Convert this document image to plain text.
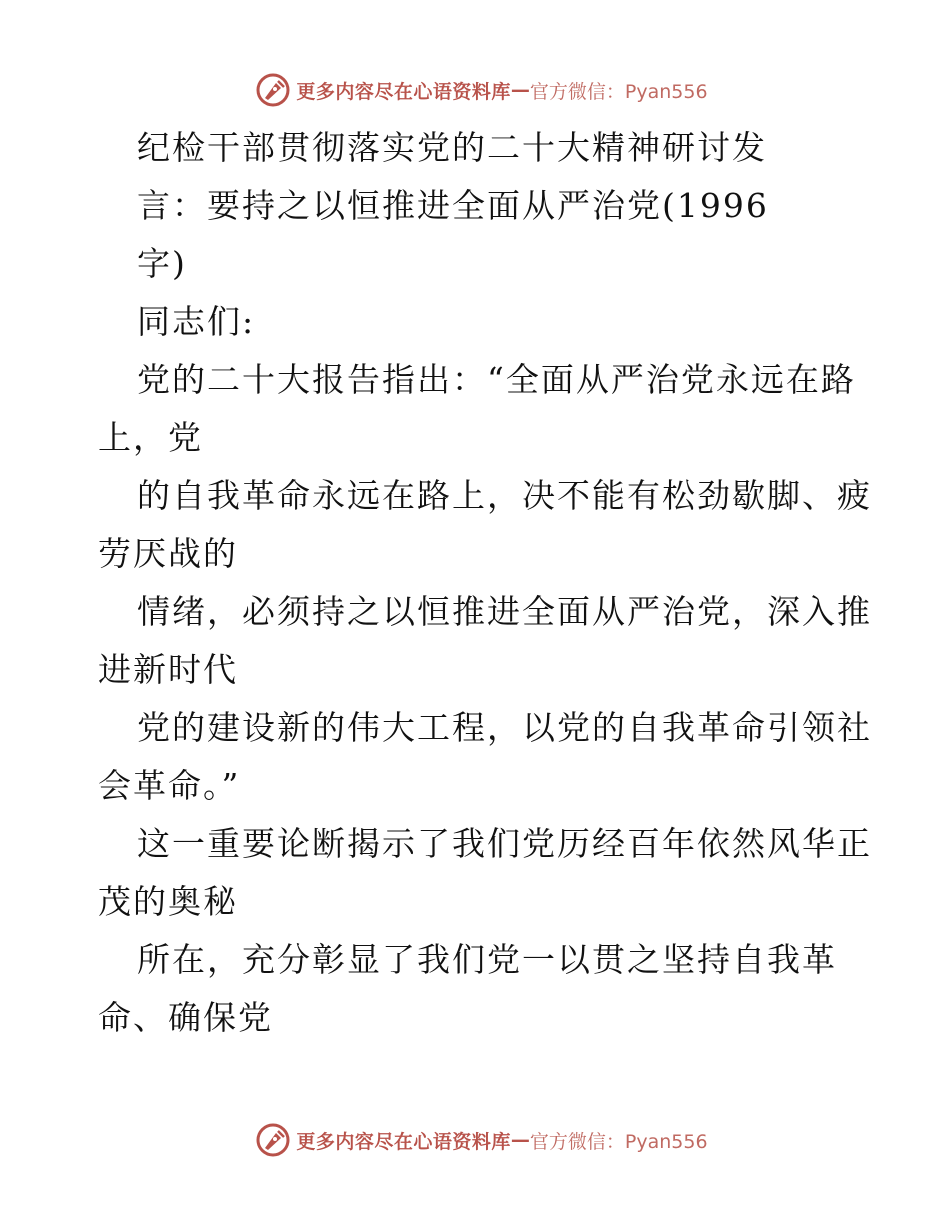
更多内容尽在心语资料库 — 官方微信：Pyan556
纪检干部贯彻落实党的二十大精神研讨发
言：要持之以恒推进全面从严治党(1996
字)
同志们:
党的二十大报告指出：“全面从严治党永远在路
上，党
的自我革命永远在路上，决不能有松劲歇脚、疲
劳厌战的
情绪，必须持之以恒推进全面从严治党，深入推
进新时代
党的建设新的伟大工程，以党的自我革命引领社
会革命。”
这一重要论断揭示了我们党历经百年依然风华正
茂的奥秘
所在，充分彰显了我们党一以贯之坚持自我革
命、确保党
更多内容尽在心语资料库 — 官方微信：Pyan556
